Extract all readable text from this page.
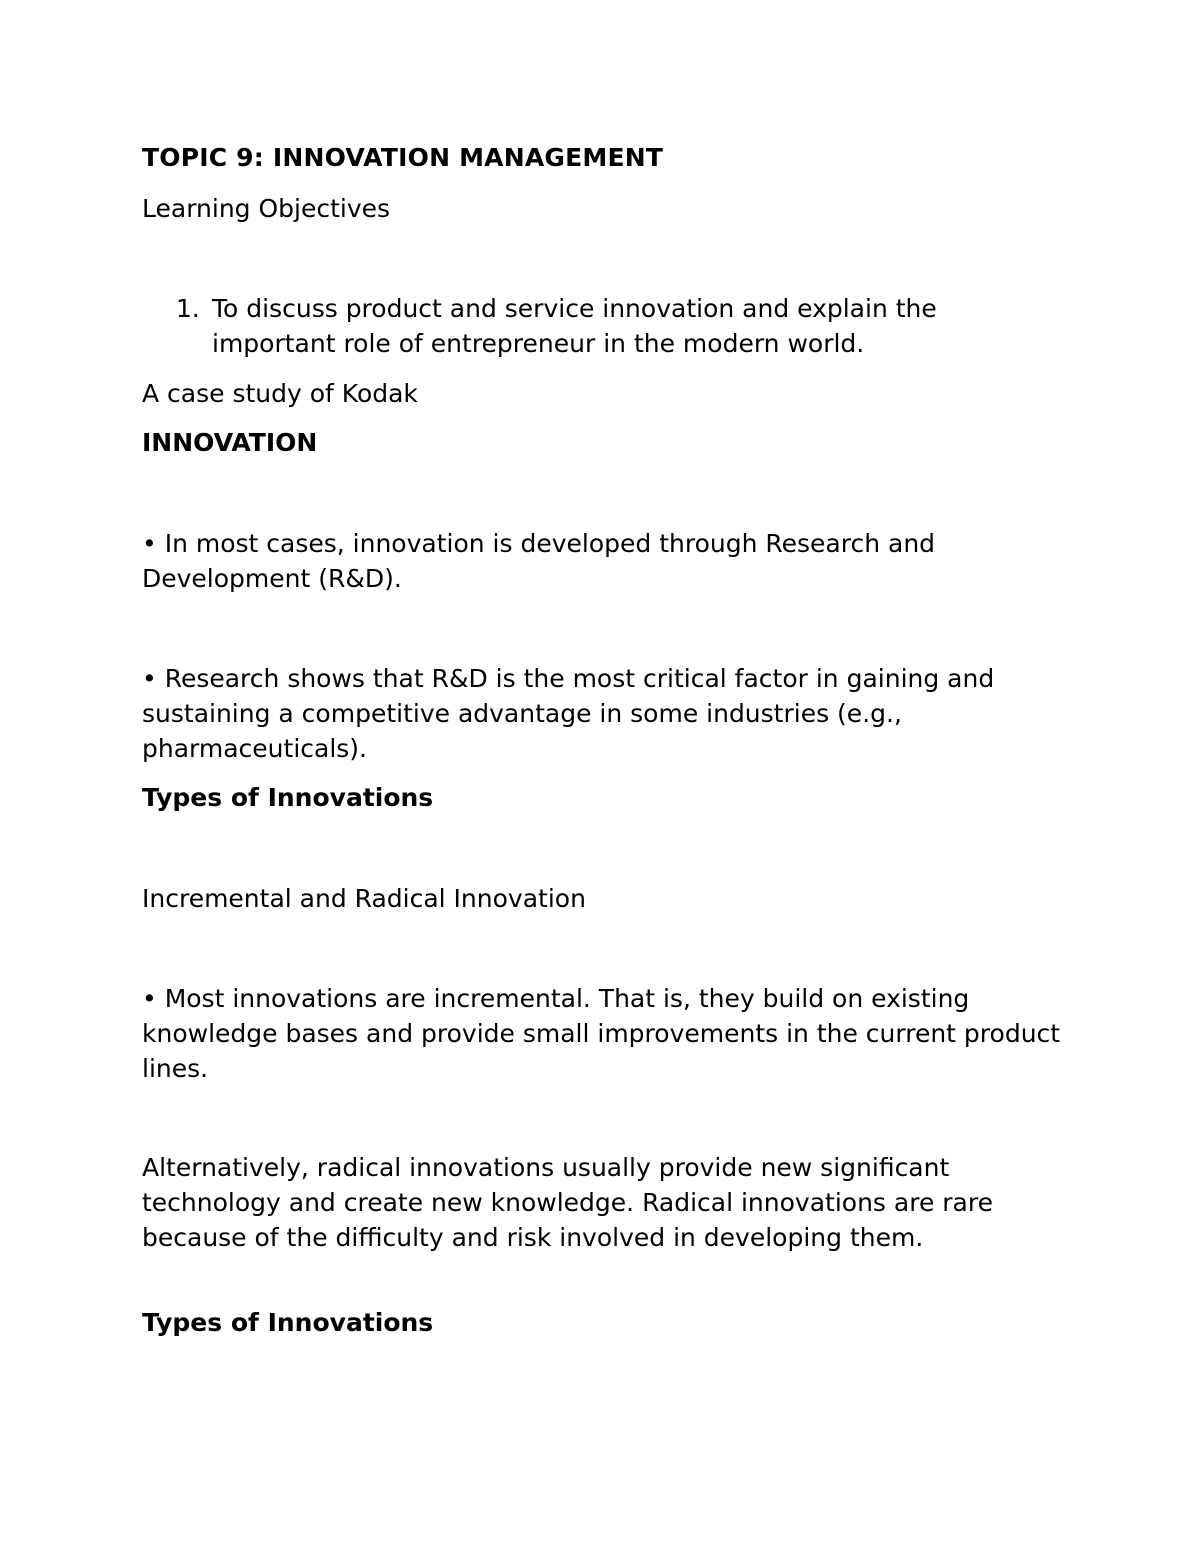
TOPIC 9: INNOVATION MANAGEMENT
Learning Objectives
1. To discuss product and service innovation and explain the important role of entrepreneur in the modern world.
A case study of Kodak
INNOVATION
• In most cases, innovation is developed through Research and Development (R&D).
• Research shows that R&D is the most critical factor in gaining and sustaining a competitive advantage in some industries (e.g., pharmaceuticals).
Types of Innovations
Incremental and Radical Innovation
• Most innovations are incremental. That is, they build on existing knowledge bases and provide small improvements in the current product lines.
Alternatively, radical innovations usually provide new significant technology and create new knowledge. Radical innovations are rare because of the difficulty and risk involved in developing them.
Types of Innovations
